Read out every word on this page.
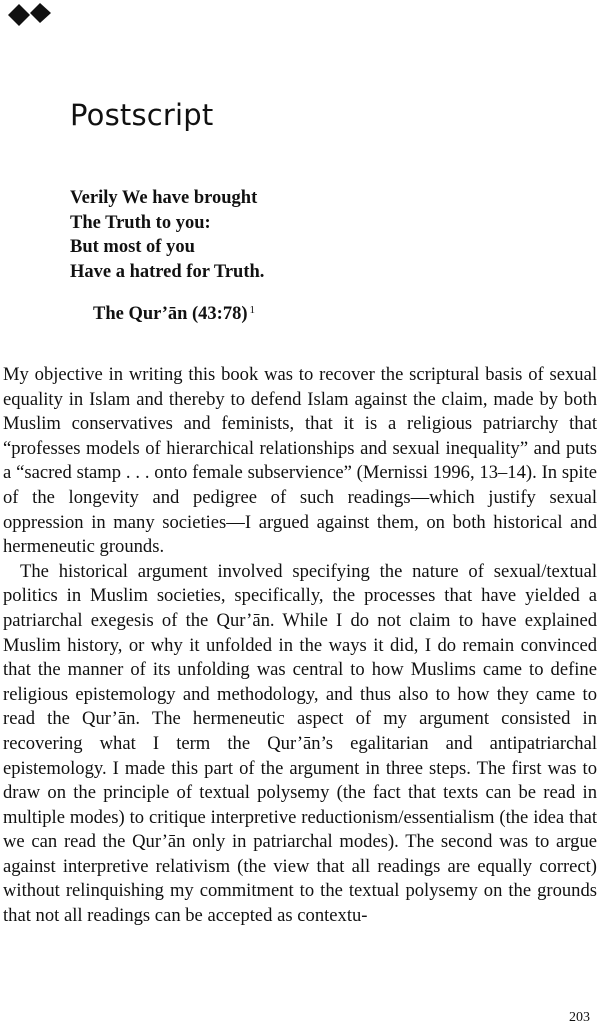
Postscript
Verily We have brought
The Truth to you:
But most of you
Have a hatred for Truth.
The Qur’ān (43:78) $^1$

My objective in writing this book was to recover the scriptural basis of sexual equality in Islam and thereby to defend Islam against the claim, made by both Muslim conservatives and feminists, that it is a religious patriarchy that “professes models of hierarchical relationships and sexual inequality” and puts a “sacred stamp . . . onto female subservience” (Mernissi 1996, 13–14). In spite of the longevity and pedigree of such readings—which justify sexual oppression in many societies—I argued against them, on both historical and hermeneutic grounds.

The historical argument involved specifying the nature of sexual/textual politics in Muslim societies, specifically, the processes that have yielded a patriarchal exegesis of the Qur’ān. While I do not claim to have explained Muslim history, or why it unfolded in the ways it did, I do remain convinced that the manner of its unfolding was central to how Muslims came to define religious epistemology and methodology, and thus also to how they came to read the Qur’ān. The hermeneutic aspect of my argument consisted in recovering what I term the Qur’ān’s egalitarian and antipatriarchal epistemology. I made this part of the argument in three steps. The first was to draw on the principle of textual polysemy (the fact that texts can be read in multiple modes) to critique interpretive reductionism/essentialism (the idea that we can read the Qur’ān only in patriarchal modes). The second was to argue against interpretive relativism (the view that all readings are equally correct) without relinquishing my commitment to the textual polysemy on the grounds that not all readings can be accepted as contextu-

203
